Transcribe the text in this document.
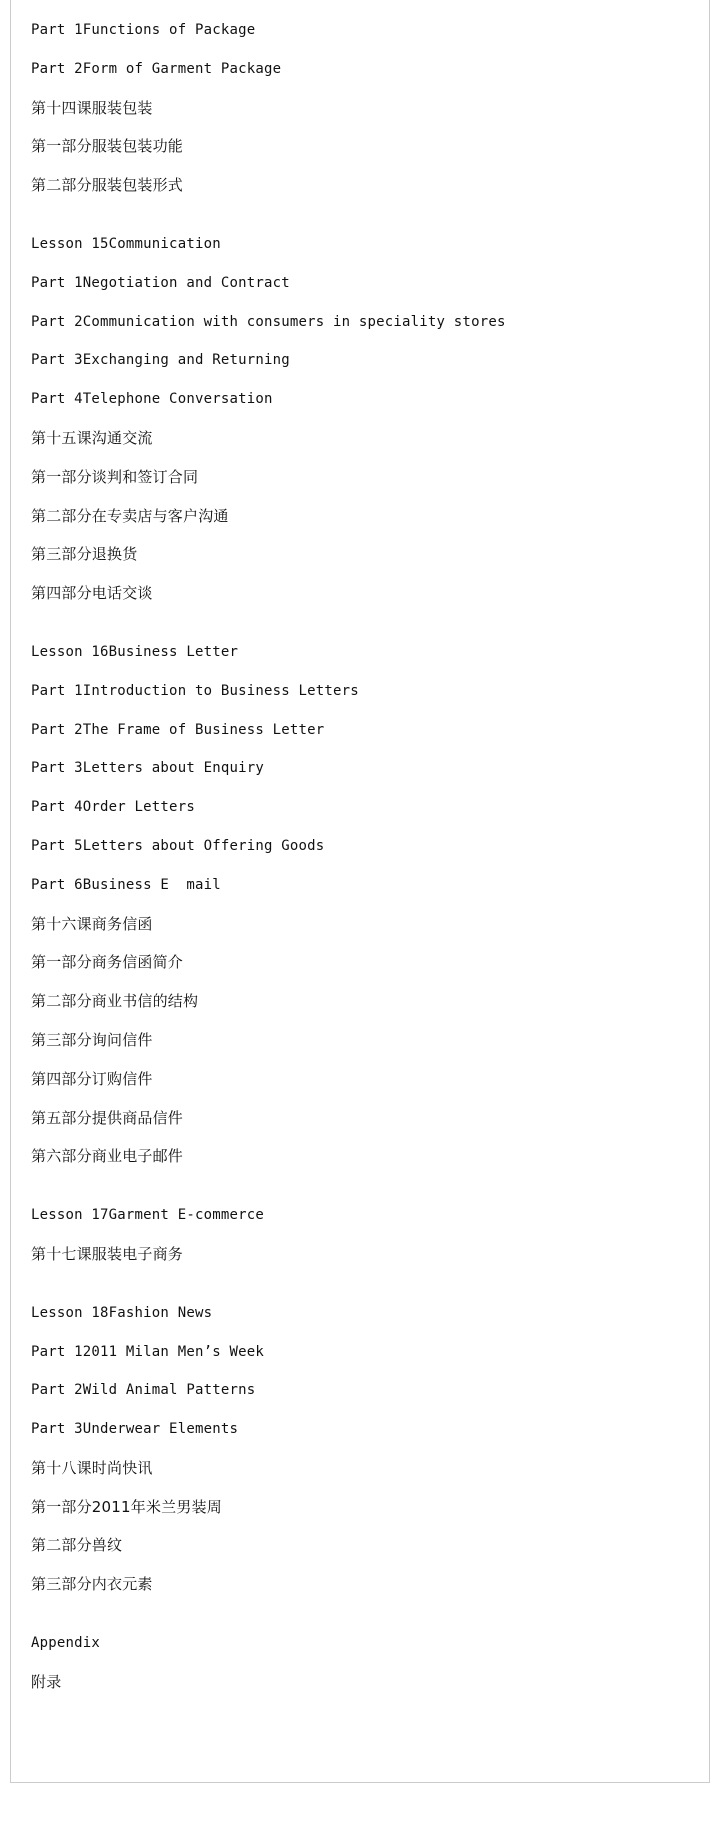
Part 1Functions of Package
Part 2Form of Garment Package
第十四课服装包装
第一部分服装包装功能
第二部分服装包装形式
Lesson 15Communication
Part 1Negotiation and Contract
Part 2Communication with consumers in speciality stores
Part 3Exchanging and Returning
Part 4Telephone Conversation
第十五课沟通交流
第一部分谈判和签订合同
第二部分在专卖店与客户沟通
第三部分退换货
第四部分电话交谈
Lesson 16Business Letter
Part 1Introduction to Business Letters
Part 2The Frame of Business Letter
Part 3Letters about Enquiry
Part 4Order Letters
Part 5Letters about Offering Goods
Part 6Business E  mail
第十六课商务信函
第一部分商务信函简介
第二部分商业书信的结构
第三部分询问信件
第四部分订购信件
第五部分提供商品信件
第六部分商业电子邮件
Lesson 17Garment E-commerce
第十七课服装电子商务
Lesson 18Fashion News
Part 12011 Milan Men’s Week
Part 2Wild Animal Patterns
Part 3Underwear Elements
第十八课时尚快讯
第一部分2011年米兰男装周
第二部分兽纹
第三部分内衣元素
Appendix
附录
